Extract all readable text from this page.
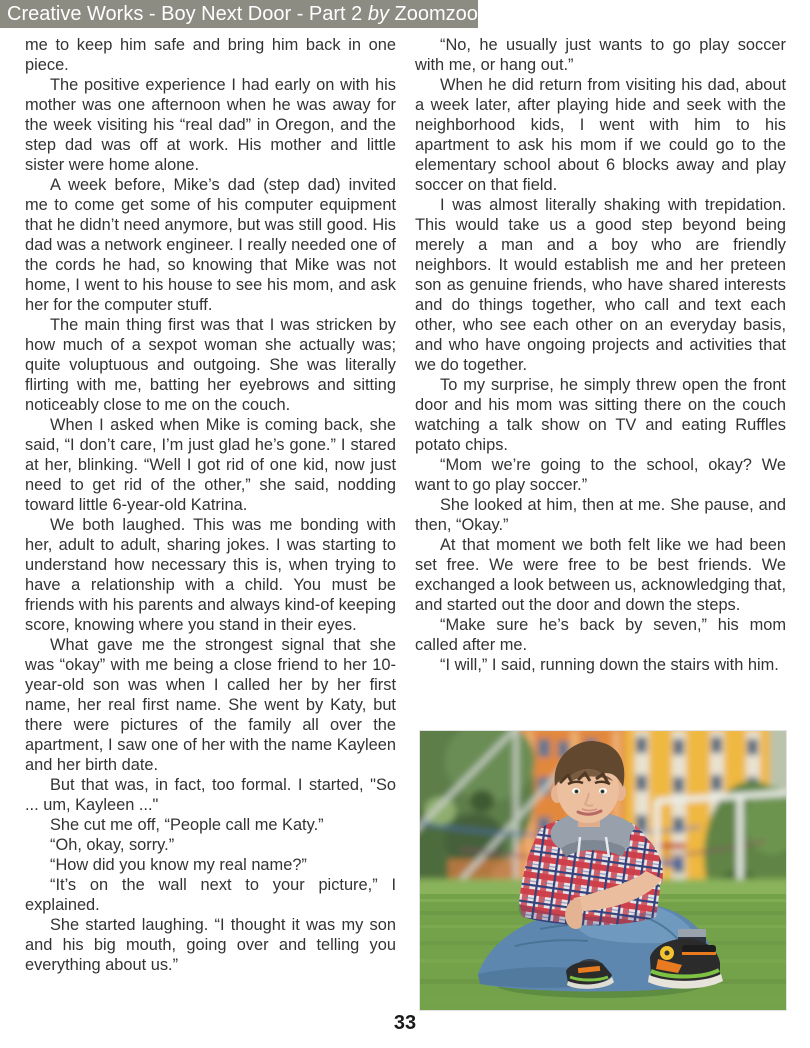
Creative Works - Boy Next Door - Part 2 by Zoomzoom4

me to keep him safe and bring him back in one piece.

The positive experience I had early on with his mother was one afternoon when he was away for the week visiting his “real dad” in Oregon, and the step dad was off at work. His mother and little sister were home alone.

A week before, Mike’s dad (step dad) invited me to come get some of his computer equipment that he didn’t need anymore, but was still good. His dad was a network engineer. I really needed one of the cords he had, so knowing that Mike was not home, I went to his house to see his mom, and ask her for the computer stuff.

The main thing first was that I was stricken by how much of a sexpot woman she actually was; quite voluptuous and outgoing. She was literally flirting with me, batting her eyebrows and sitting noticeably close to me on the couch.

When I asked when Mike is coming back, she said, “I don’t care, I’m just glad he’s gone.” I stared at her, blinking. “Well I got rid of one kid, now just need to get rid of the other,” she said, nodding toward little 6-year-old Katrina.

We both laughed. This was me bonding with her, adult to adult, sharing jokes. I was starting to understand how necessary this is, when trying to have a relationship with a child. You must be friends with his parents and always kind-of keeping score, knowing where you stand in their eyes.

What gave me the strongest signal that she was “okay” with me being a close friend to her 10-year-old son was when I called her by her first name, her real first name. She went by Katy, but there were pictures of the family all over the apartment, I saw one of her with the name Kayleen and her birth date.

But that was, in fact, too formal. I started, "So ... um, Kayleen ..."

She cut me off, “People call me Katy.”

“Oh, okay, sorry.”

“How did you know my real name?”

“It’s on the wall next to your picture,” I explained.

She started laughing. “I thought it was my son and his big mouth, going over and telling you everything about us.”

“No, he usually just wants to go play soccer with me, or hang out.”

When he did return from visiting his dad, about a week later, after playing hide and seek with the neighborhood kids, I went with him to his apartment to ask his mom if we could go to the elementary school about 6 blocks away and play soccer on that field.

I was almost literally shaking with trepidation. This would take us a good step beyond being merely a man and a boy who are friendly neighbors. It would establish me and her preteen son as genuine friends, who have shared interests and do things together, who call and text each other, who see each other on an everyday basis, and who have ongoing projects and activities that we do together.

To my surprise, he simply threw open the front door and his mom was sitting there on the couch watching a talk show on TV and eating Ruffles potato chips.

“Mom we’re going to the school, okay? We want to go play soccer.”

She looked at him, then at me. She pause, and then, “Okay.”

At that moment we both felt like we had been set free. We were free to be best friends. We exchanged a look between us, acknowledging that, and started out the door and down the steps.

“Make sure he’s back by seven,” his mom called after me.

“I will,” I said, running down the stairs with him.

33
